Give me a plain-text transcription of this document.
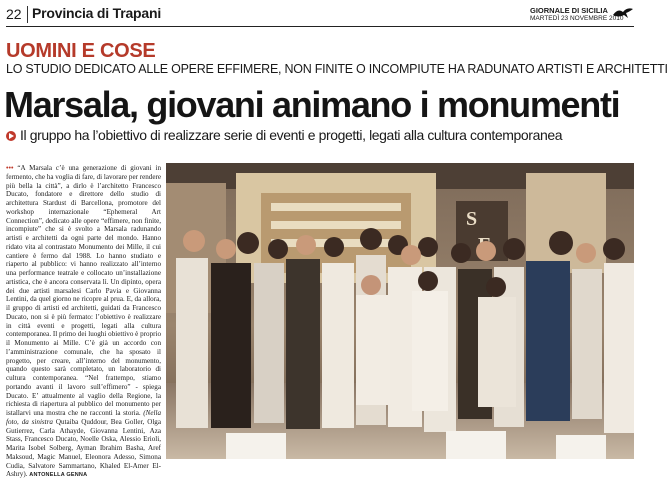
22 Provincia di Trapani	GIORNALE DI SICILIA
MARTEDÌ 23 NOVEMBRE 2010
UOMINI E COSE
LO STUDIO DEDICATO ALLE OPERE EFFIMERE, NON FINITE O INCOMPIUTE HA RADUNATO ARTISTI E ARCHITETTI
Marsala, giovani animano i monumenti
Il gruppo ha l’obiettivo di realizzare serie di eventi e progetti, legati alla cultura contemporanea
••• “A Marsala c’è una generazione di giovani in fermento, che ha voglia di fare, di lavorare per rendere più bella la città”, a dirlo è l’architetto Francesco Ducato, fondatore e direttore dello studio di architettura Stardust di Barcellona, promotore del workshop internazionale “Ephemeral Art Connection”, dedicato alle opere “effimere, non finite, incompiute” che si è svolto a Marsala radunando artisti e architetti da ogni parte del mondo. Hanno ridato vita al contrastato Monumento dei Mille, il cui cantiere è fermo dal 1988. Lo hanno studiato e riaperto al pubblico: vi hanno realizzato all’interno una performance teatrale e collocato un’installazione artistica, che è ancora conservata lì. Un dipinto, opera dei due artisti marsalesi Carlo Pavia e Giovanna Lentini, da quel giorno ne ricopre al prua. E, da allora, il gruppo di artisti ed architetti, guidati da Francesco Ducato, non si è più fermato: l’obiettivo è realizzare in città eventi e progetti, legati alla cultura contemporanea. Il primo dei luoghi obiettivo è proprio il Monumento ai Mille. C’è già un accordo con l’amministrazione comunale, che ha sposato il progetto, per creare, all’interno del monumento, quando questo sarà completato, un laboratorio di cultura contemporanea. “Nel frattempo, stiamo portando avanti il lavoro sull’effimero” - spiega Ducato. E’ attualmente al vaglio della Regione, la richiesta di riapertura al pubblico del monumento per istallarvi una mostra che ne racconti la storia. (Nella foto, da sinistra Qutaiba Quddour, Bea Goller, Olga Gutierrez, Carla Athayde, Giovanna Lentini, Aza Stass, Francesco Ducato, Noelle Oska, Alessio Erioli, Marita Isobel Solberg, Ayman Ibrahim Basha, Aref Maksoud, Magic Manuel, Eleonora Adesso, Simona Cudia, Salvatore Sammartano, Khaled El-Amer El-Ashry). ANTONELLA GENNA
S
